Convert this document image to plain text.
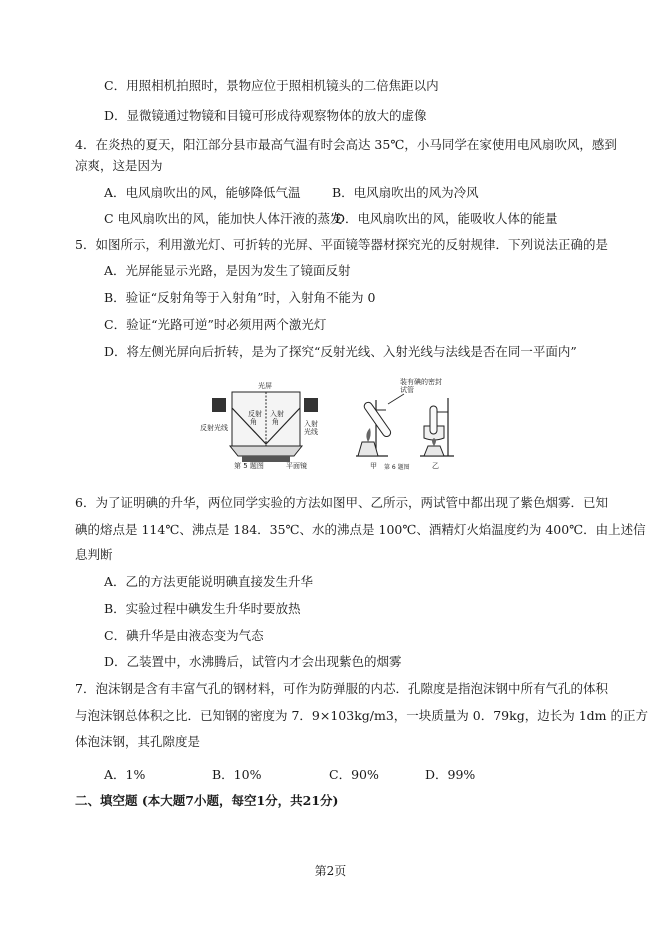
C．用照相机拍照时，景物应位于照相机镜头的二倍焦距以内
D．显微镜通过物镜和目镜可形成待观察物体的放大的虚像
4．在炎热的夏天，阳江部分县市最高气温有时会高达 35℃，小马同学在家使用电风扇吹风，感到
凉爽，这是因为
A．电风扇吹出的风，能够降低气温	B．电风扇吹出的风为冷风
C 电风扇吹出的风，能加快人体汗液的蒸发
D．电风扇吹出的风，能吸收人体的能量
5．如图所示，利用激光灯、可折转的光屏、平面镜等器材探究光的反射规律．下列说法正确的是
A．光屏能显示光路，是因为发生了镜面反射
B．验证“反射角等于入射角”时，入射角不能为 0
C．验证“光路可逆”时必须用两个激光灯
D．将左侧光屏向后折转，是为了探究“反射光线、入射光线与法线是否在同一平面内”
光屏
反射
角
入射
角
反射光线	入射
光线
平面镜
第 5 题图
装有碘的密封
试管
甲	乙
第 6 题图
6．为了证明碘的升华，两位同学实验的方法如图甲、乙所示，两试管中都出现了紫色烟雾．已知
碘的熔点是 114℃、沸点是 184．35℃、水的沸点是 100℃、酒精灯火焰温度约为 400℃．由上述信
息判断
A．乙的方法更能说明碘直接发生升华
B．实验过程中碘发生升华时要放热
C．碘升华是由液态变为气态
D．乙装置中，水沸腾后，试管内才会出现紫色的烟雾
7．泡沫钢是含有丰富气孔的钢材料，可作为防弹服的内芯．孔隙度是指泡沫钢中所有气孔的体积
与泡沫钢总体积之比．已知钢的密度为 7．9×103kg/m3，一块质量为 0．79kg，边长为 1dm 的正方
体泡沫钢，其孔隙度是
A．1%	B．10%	C．90%	D．99%
二、填空题 (本大题7小题，每空1分，共21分)
第2页
